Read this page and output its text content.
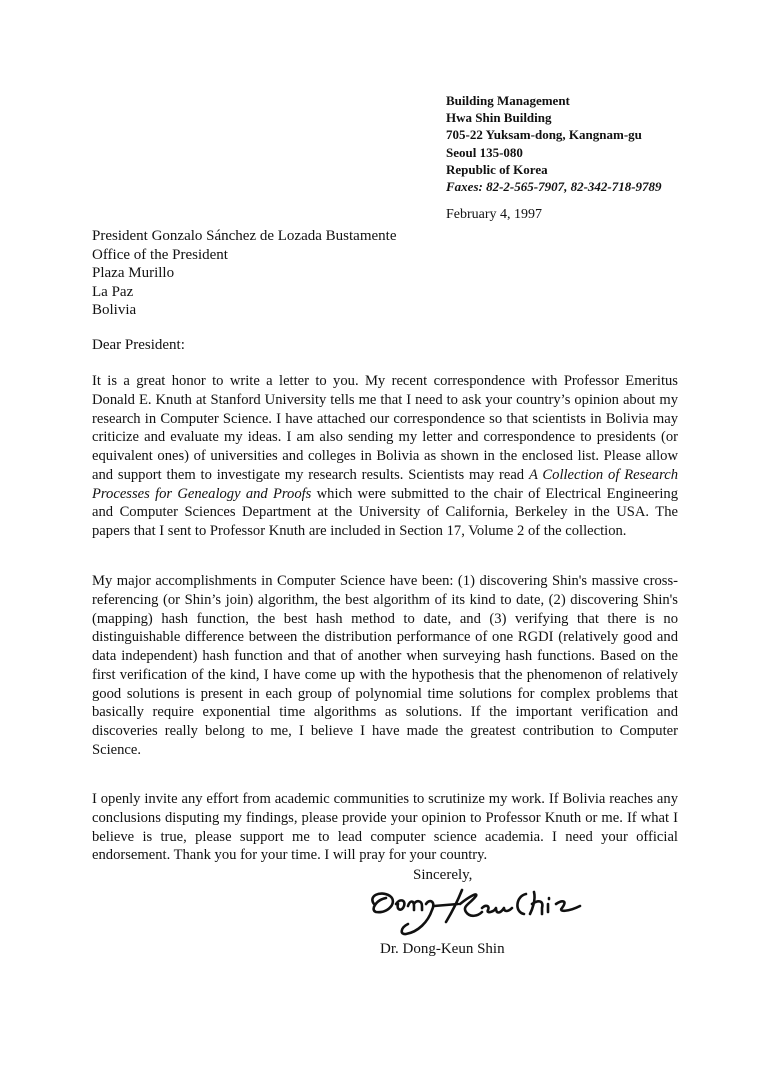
Building Management
Hwa Shin Building
705-22 Yuksam-dong, Kangnam-gu
Seoul 135-080
Republic of Korea
Faxes: 82-2-565-7907, 82-342-718-9789
February 4, 1997
President Gonzalo Sánchez de Lozada Bustamente
Office of the President
Plaza Murillo
La Paz
Bolivia
Dear President:

It is a great honor to write a letter to you. My recent correspondence with Professor Emeritus Donald E. Knuth at Stanford University tells me that I need to ask your country’s opinion about my research in Computer Science. I have attached our correspondence so that scientists in Bolivia may criticize and evaluate my ideas. I am also sending my letter and correspondence to presidents (or equivalent ones) of universities and colleges in Bolivia as shown in the enclosed list. Please allow and support them to investigate my research results. Scientists may read A Collection of Research Processes for Genealogy and Proofs which were submitted to the chair of Electrical Engineering and Computer Sciences Department at the University of California, Berkeley in the USA. The papers that I sent to Professor Knuth are included in Section 17, Volume 2 of the collection.

My major accomplishments in Computer Science have been: (1) discovering Shin's massive cross-referencing (or Shin’s join) algorithm, the best algorithm of its kind to date, (2) discovering Shin's (mapping) hash function, the best hash method to date, and (3) verifying that there is no distinguishable difference between the distribution performance of one RGDI (relatively good and data independent) hash function and that of another when surveying hash functions. Based on the first verification of the kind, I have come up with the hypothesis that the phenomenon of relatively good solutions is present in each group of polynomial time solutions for complex problems that basically require exponential time algorithms as solutions. If the important verification and discoveries really belong to me, I believe I have made the greatest contribution to Computer Science.

I openly invite any effort from academic communities to scrutinize my work. If Bolivia reaches any conclusions disputing my findings, please provide your opinion to Professor Knuth or me. If what I believe is true, please support me to lead computer science academia. I need your official endorsement. Thank you for your time. I will pray for your country.

Sincerely,
Dr. Dong-Keun Shin
